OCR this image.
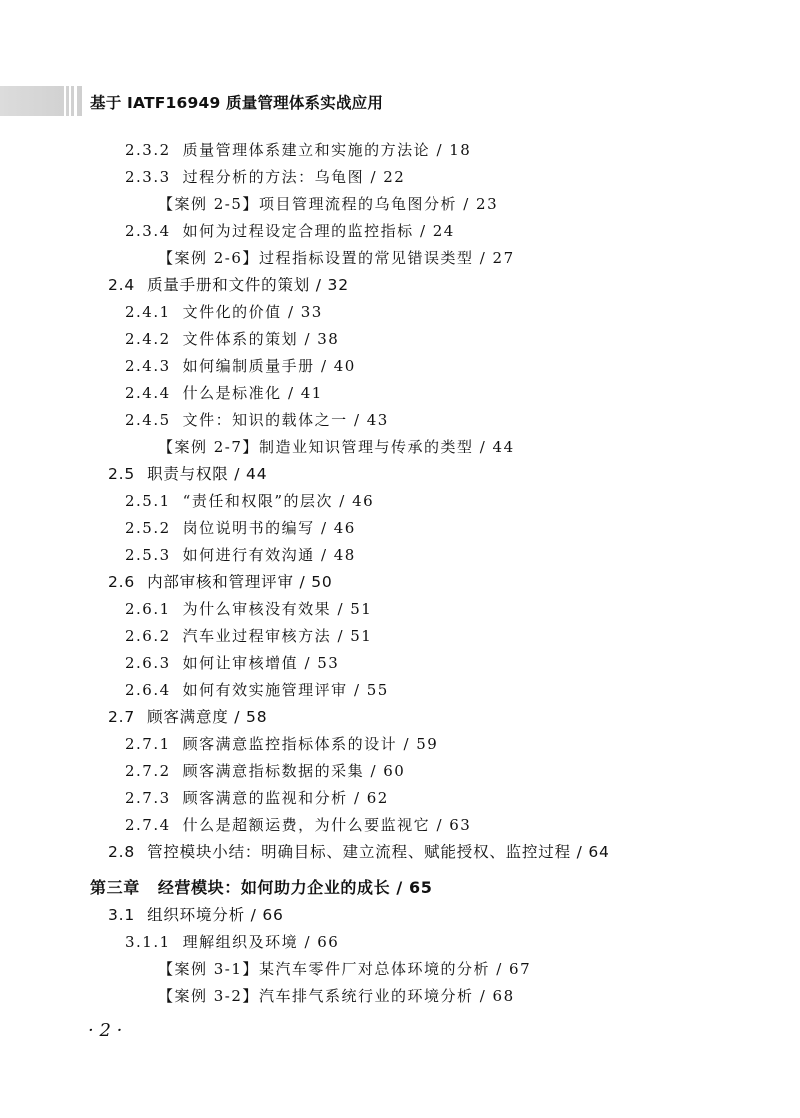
基于 IATF16949 质量管理体系实战应用
2.3.2 质量管理体系建立和实施的方法论 / 18
2.3.3 过程分析的方法：乌龟图 / 22
【案例 2-5】项目管理流程的乌龟图分析 / 23
2.3.4 如何为过程设定合理的监控指标 / 24
【案例 2-6】过程指标设置的常见错误类型 / 27
2.4 质量手册和文件的策划 / 32
2.4.1 文件化的价值 / 33
2.4.2 文件体系的策划 / 38
2.4.3 如何编制质量手册 / 40
2.4.4 什么是标准化 / 41
2.4.5 文件：知识的载体之一 / 43
【案例 2-7】制造业知识管理与传承的类型 / 44
2.5 职责与权限 / 44
2.5.1 “责任和权限”的层次 / 46
2.5.2 岗位说明书的编写 / 46
2.5.3 如何进行有效沟通 / 48
2.6 内部审核和管理评审 / 50
2.6.1 为什么审核没有效果 / 51
2.6.2 汽车业过程审核方法 / 51
2.6.3 如何让审核增值 / 53
2.6.4 如何有效实施管理评审 / 55
2.7 顾客满意度 / 58
2.7.1 顾客满意监控指标体系的设计 / 59
2.7.2 顾客满意指标数据的采集 / 60
2.7.3 顾客满意的监视和分析 / 62
2.7.4 什么是超额运费，为什么要监视它 / 63
2.8 管控模块小结：明确目标、建立流程、赋能授权、监控过程 / 64
第三章 经营模块：如何助力企业的成长 / 65
3.1 组织环境分析 / 66
3.1.1 理解组织及环境 / 66
【案例 3-1】某汽车零件厂对总体环境的分析 / 67
【案例 3-2】汽车排气系统行业的环境分析 / 68
· 2 ·
